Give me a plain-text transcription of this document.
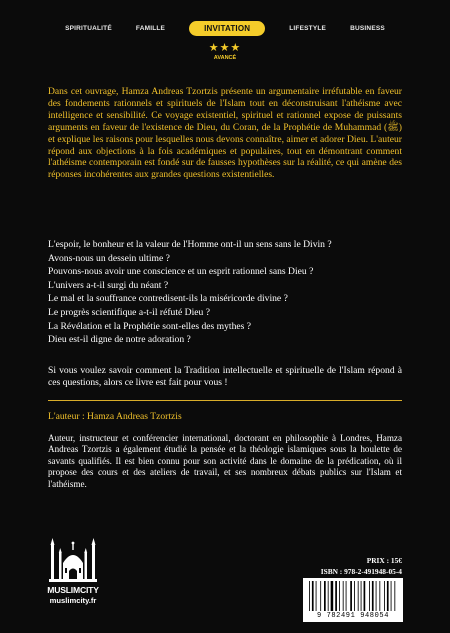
SPIRITUALITÉ	FAMILLE	INVITATION	LIFESTYLE	BUSINESS
★★★
AVANCÉ

Dans cet ouvrage, Hamza Andreas Tzortzis présente un argumentaire irréfutable en faveur des fondements rationnels et spirituels de l'Islam tout en déconstruisant l'athéisme avec intelligence et sensibilité. Ce voyage existentiel, spirituel et rationnel expose de puissants arguments en faveur de l'existence de Dieu, du Coran, de la Prophétie de Muhammad (ﷺ) et explique les raisons pour lesquelles nous devons connaître, aimer et adorer Dieu. L'auteur répond aux objections à la fois académiques et populaires, tout en démontrant comment l'athéisme contemporain est fondé sur de fausses hypothèses sur la réalité, ce qui amène des réponses incohérentes aux grandes questions existentielles.

L'espoir, le bonheur et la valeur de l'Homme ont-il un sens sans le Divin ?
Avons-nous un dessein ultime ?
Pouvons-nous avoir une conscience et un esprit rationnel sans Dieu ?
L'univers a-t-il surgi du néant ?
Le mal et la souffrance contredisent-ils la miséricorde divine ?
Le progrès scientifique a-t-il réfuté Dieu ?
La Révélation et la Prophétie sont-elles des mythes ?
Dieu est-il digne de notre adoration ?

Si vous voulez savoir comment la Tradition intellectuelle et spirituelle de l'Islam répond à ces questions, alors ce livre est fait pour vous !

L'auteur : Hamza Andreas Tzortzis

Auteur, instructeur et conférencier international, doctorant en philosophie à Londres, Hamza Andreas Tzortzis a également étudié la pensée et la théologie islamiques sous la houlette de savants qualifiés. Il est bien connu pour son activité dans le domaine de la prédication, où il propose des cours et des ateliers de travail, et ses nombreux débats publics sur l'Islam et l'athéisme.

MUSLIMCITY
muslimcity.fr
PRIX : 15€
ISBN : 978-2-491948-05-4
9 782491 948054
